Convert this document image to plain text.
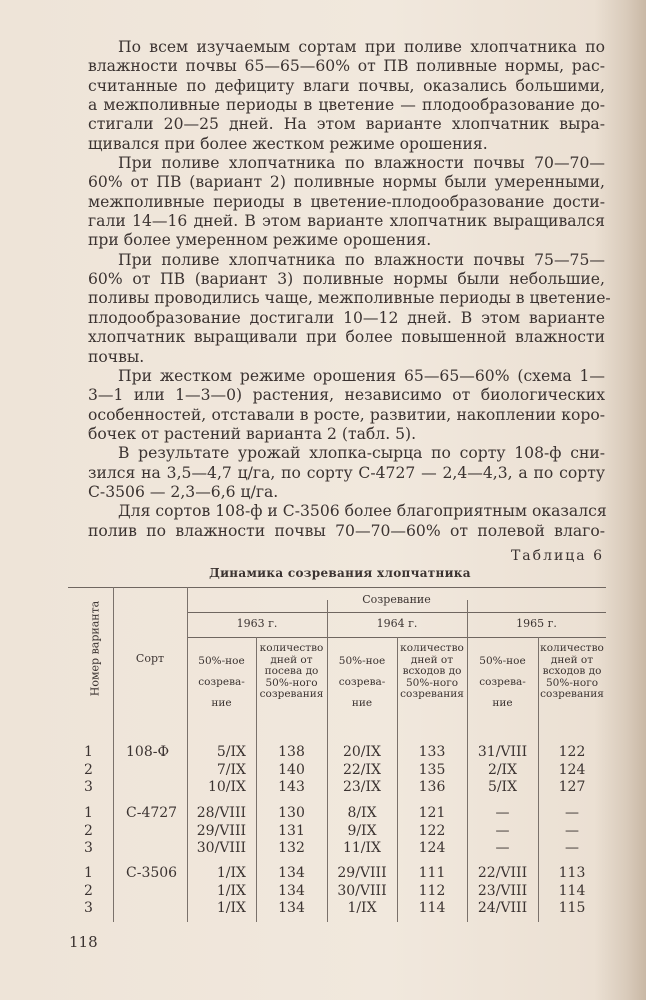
По всем изучаемым сортам при поливе хлопчатника по
влажности почвы 65—65—60% от ПВ поливные нормы, рас-
считанные по дефициту влаги почвы, оказались большими,
а межполивные периоды в цветение — плодообразование до-
стигали 20—25 дней. На этом варианте хлопчатник выра-
щивался при более жестком режиме орошения.
При поливе хлопчатника по влажности почвы 70—70—
60% от ПВ (вариант 2) поливные нормы были умеренными,
межполивные периоды в цветение-плодообразование дости-
гали 14—16 дней. В этом варианте хлопчатник выращивался
при более умеренном режиме орошения.
При поливе хлопчатника по влажности почвы 75—75—
60% от ПВ (вариант 3) поливные нормы были небольшие,
поливы проводились чаще, межполивные периоды в цветение-
плодообразование достигали 10—12 дней. В этом варианте
хлопчатник выращивали при более повышенной влажности
почвы.
При жестком режиме орошения 65—65—60% (схема 1—
3—1 или 1—3—0) растения, независимо от биологических
особенностей, отставали в росте, развитии, накоплении коро-
бочек от растений варианта 2 (табл. 5).
В результате урожай хлопка-сырца по сорту 108-ф сни-
зился на 3,5—4,7 ц/га, по сорту С-4727 — 2,4—4,3, а по сорту
С-3506 — 2,3—6,6 ц/га.
Для сортов 108-ф и С-3506 более благоприятным оказался
полив по влажности почвы 70—70—60% от полевой влаго-
Таблица 6
Динамика созревания хлопчатника
Номер варианта	Сорт
Созревание
1963 г.	1964 г.	1965 г.
50%-ное
созрева-
ние
количество
дней от
посева до
50%-ного
созревания
50%-ное
созрева-
ние
количество
дней от
всходов до
50%-ного
созревания
50%-ное
созрева-
ние
количество
дней от
всходов до
50%-ного
созревания
108-Ф
1	5/IX	138	20/IX	133	31/VIII	122
2	7/IX	140	22/IX	135	2/IX	124
3	10/IX	143	23/IX	136	5/IX	127
С-4727
1	28/VIII	130	8/IX	121	—	—
2	29/VIII	131	9/IX	122	—	—
3	30/VIII	132	11/IX	124	—	—
С-3506
1	1/IX	134	29/VIII	111	22/VIII	113
2	1/IX	134	30/VIII	112	23/VIII	114
3	1/IX	134	1/IX	114	24/VIII	115
118
